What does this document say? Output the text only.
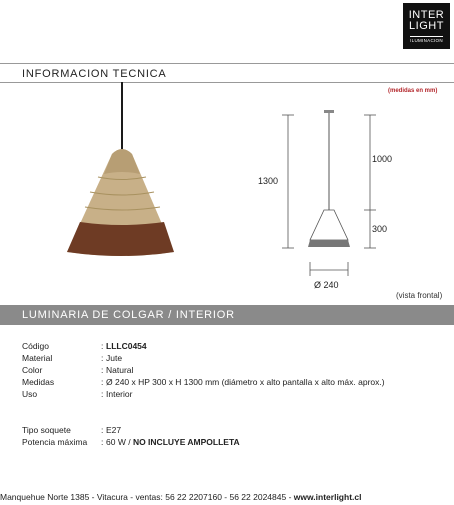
INTER
LIGHT
ILUMINACION
INFORMACION TECNICA
(medidas en mm)
1300
1000
300
Ø 240
(vista frontal)
LUMINARIA DE COLGAR / INTERIOR
Código	: LLLC0454
Material	: Jute
Color	: Natural
Medidas	: Ø 240 x HP 300 x H 1300 mm (diámetro x alto pantalla x alto máx. aprox.)
Uso	: Interior
Tipo soquete	: E27
Potencia máxima	: 60 W / NO INCLUYE AMPOLLETA
Manquehue Norte 1385 - Vitacura - ventas: 56 22 2207160 - 56 22 2024845 - www.interlight.cl
